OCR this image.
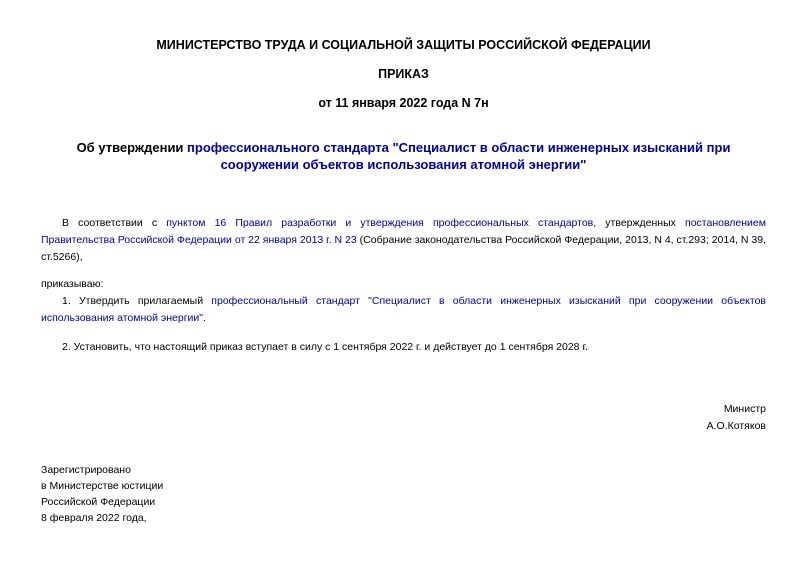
МИНИСТЕРСТВО ТРУДА И СОЦИАЛЬНОЙ ЗАЩИТЫ РОССИЙСКОЙ ФЕДЕРАЦИИ
ПРИКАЗ
от 11 января 2022 года N 7н
Об утверждении профессионального стандарта "Специалист в области инженерных изысканий при сооружении объектов использования атомной энергии"
В соответствии с пунктом 16 Правил разработки и утверждения профессиональных стандартов, утвержденных постановлением Правительства Российской Федерации от 22 января 2013 г. N 23 (Собрание законодательства Российской Федерации, 2013, N 4, ст.293; 2014, N 39, ст.5266),
приказываю:
1. Утвердить прилагаемый профессиональный стандарт "Специалист в области инженерных изысканий при сооружении объектов использования атомной энергии".
2. Установить, что настоящий приказ вступает в силу с 1 сентября 2022 г. и действует до 1 сентября 2028 г.
Министр
А.О.Котяков
Зарегистрировано
в Министерстве юстиции
Российской Федерации
8 февраля 2022 года,
